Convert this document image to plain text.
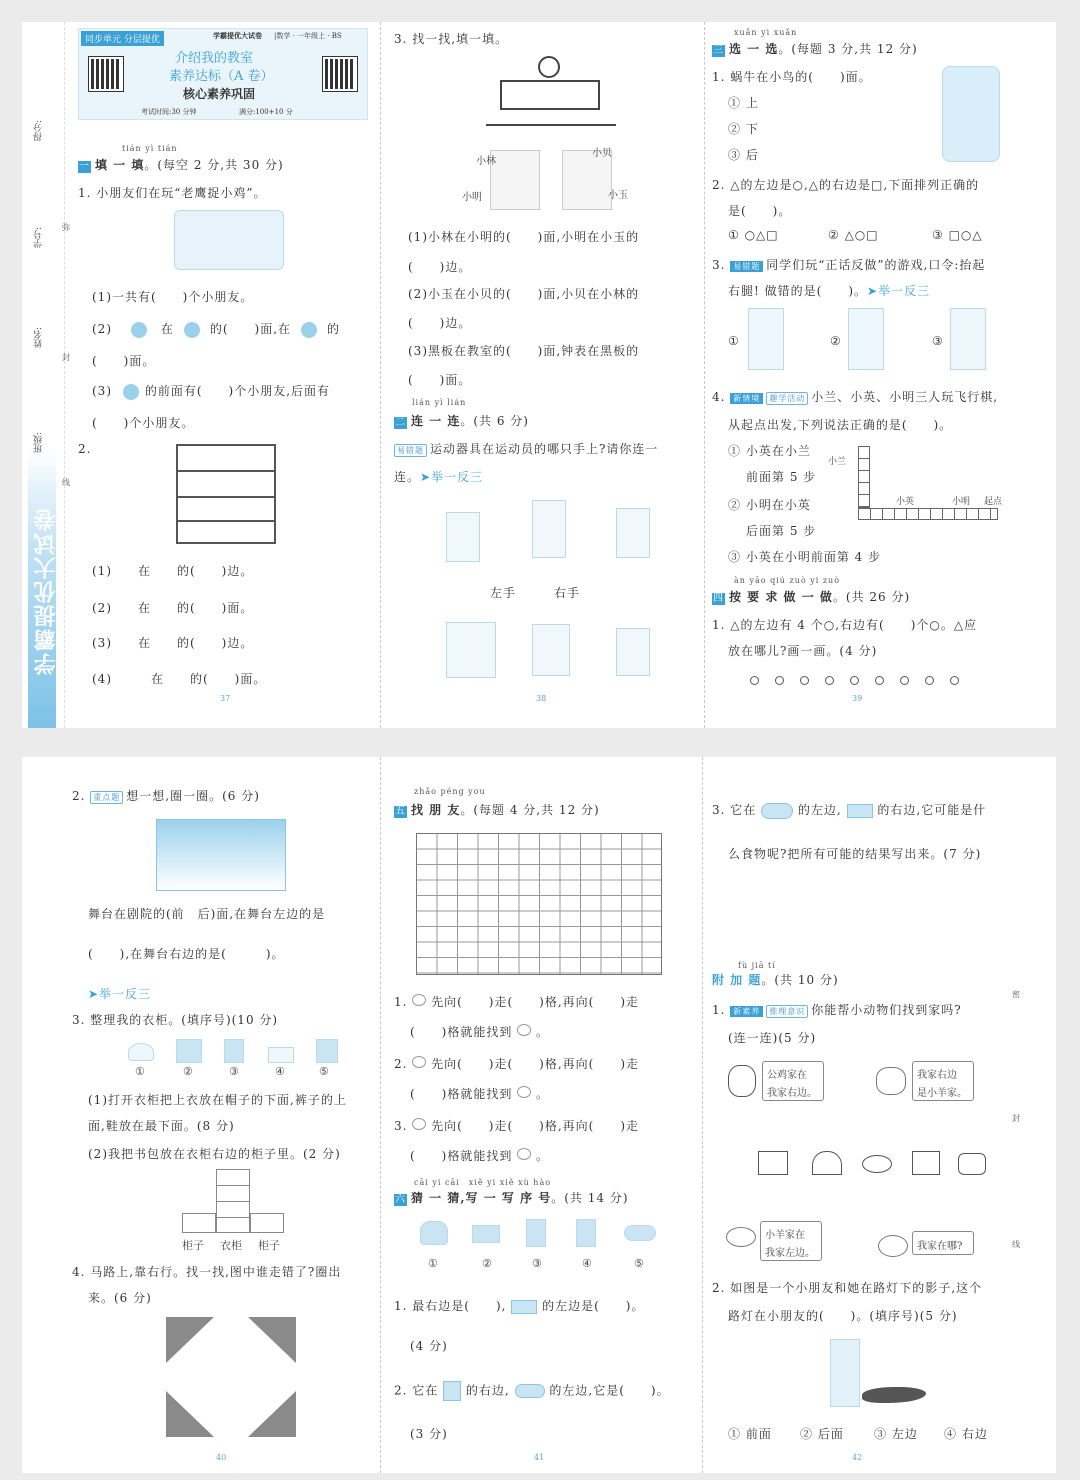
得分:
学号:
姓名:
班级:
学霸提优大试卷
弥
封
线
同步单元 分层提优	学霸提优大试卷 |数学 · 一年级上 · BS
介绍我的教室
素养达标（A 卷）
核心素养巩固
考试时间:30 分钟	满分:100+10 分
tián yì tián
一 填 一 填。(每空 2 分,共 30 分)
1. 小朋友们在玩“老鹰捉小鸡”。
(1)一共有(　　)个小朋友。
(2)	在	的(　　)面,在	的
(　　)面。
(3)	的前面有(　　)个小朋友,后面有
(　　)个小朋友。
2.
(1)　　在　　的(　　)边。
(2)　　在　　的(　　)面。
(3)　　在　　的(　　)边。
(4)　　　在　　的(　　)面。
37
3. 找一找,填一填。
小林
小贝
小明	小玉
(1)小林在小明的(　　)面,小明在小玉的
(　　)边。
(2)小玉在小贝的(　　)面,小贝在小林的
(　　)边。
(3)黑板在教室的(　　)面,钟表在黑板的
(　　)面。
lián yì lián
二 连 一 连。(共 6 分)
易错题 运动器具在运动员的哪只手上?请你连一
连。➤举一反三
左手	右手
38
xuǎn yi xuǎn
三 选 一 选。(每题 3 分,共 12 分)
1. 蜗牛在小鸟的(　　)面。
① 上
② 下
③ 后
2. △的左边是○,△的右边是□,下面排列正确的
是(　　)。
① ○△□	② △○□	③ □○△
3. 易错题 同学们玩“正话反做”的游戏,口令:抬起
右腿! 做错的是(　　)。➤举一反三
①	②	③
4. 新情境 趣学活动 小兰、小英、小明三人玩飞行棋,
从起点出发,下列说法正确的是(　　)。
① 小英在小兰
前面第 5 步
② 小明在小英
后面第 5 步
③ 小英在小明前面第 4 步
小兰
小英	小明 起点
àn yāo qiú zuò yi zuò
四 按 要 求 做 一 做。(共 26 分)
1. △的左边有 4 个○,右边有(　　)个○。△应
放在哪儿?画一画。(4 分)
39
2. 重点题 想一想,圈一圈。(6 分)
舞台在剧院的(前　后)面,在舞台左边的是
(　　),在舞台右边的是(　　　)。
➤举一反三
3. 整理我的衣柜。(填序号)(10 分)
①	②	③	④	⑤
(1)打开衣柜把上衣放在帽子的下面,裤子的上
面,鞋放在最下面。(8 分)
(2)我把书包放在衣柜右边的柜子里。(2 分)
柜子 衣柜 柜子
4. 马路上,靠右行。找一找,图中谁走错了?圈出
来。(6 分)
40
zhǎo péng you
五 找 朋 友。(每题 4 分,共 12 分)
1. 先向(　　)走(　　)格,再向(　　)走
(　　)格就能找到  。
2. 先向(　　)走(　　)格,再向(　　)走
(　　)格就能找到  。
3. 先向(　　)走(　　)格,再向(　　)走
(　　)格就能找到  。
cāi yi cāi　xiě yi xiě xù hào
六 猜 一 猜,写 一 写 序 号。(共 14 分)
①	②	③	④	⑤
1. 最右边是(　　),	的左边是(　　)。
(4 分)
2. 它在 的右边,	的左边,它是(　　)。
(3 分)
41
3. 它在	的左边,	的右边,它可能是什
么食物呢?把所有可能的结果写出来。(7 分)
fù jiā tí
附 加 题。(共 10 分)
1. 新素养 推理意识 你能帮小动物们找到家吗?
(连一连)(5 分)
公鸡家在
我家右边。
我家右边
是小羊家。
小羊家在
我家左边。
我家在哪?
2. 如图是一个小朋友和她在路灯下的影子,这个
路灯在小朋友的(　　)。(填序号)(5 分)
① 前面 ② 后面	③ 左边 ④ 右边
42
密
封
线
